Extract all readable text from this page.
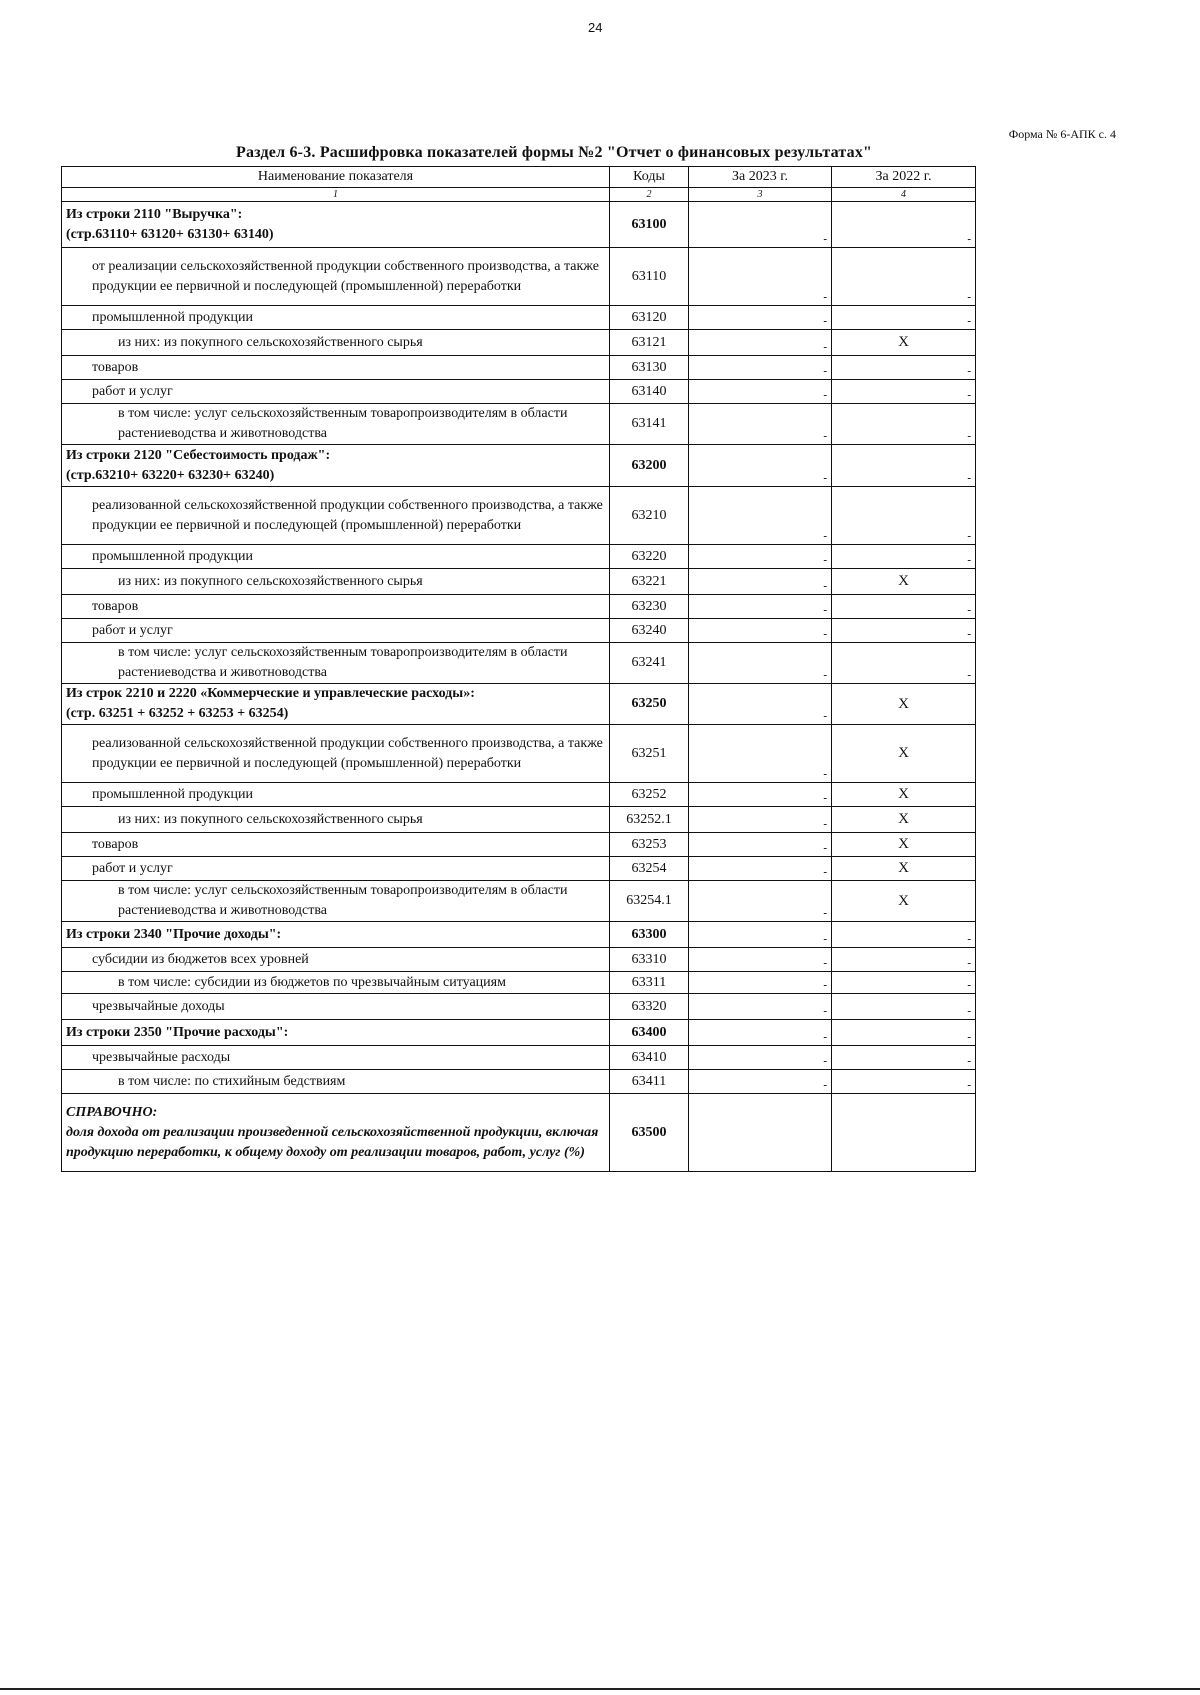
24
Форма № 6-АПК с. 4
Раздел 6-3. Расшифровка показателей формы №2 "Отчет о финансовых результатах"
Наименование показателя	Коды	За 2023 г.	За 2022 г.
1	2	3	4
Из строки 2110 "Выручка":
(стр.63110+ 63120+ 63130+ 63140)	63100	-	-

от реализации сельскохозяйственной продукции собственного производства, а также продукции ее первичной и последующей (промышленной) переработки	63110	-	-

промышленной продукции	63120	-	-

из них: из покупного сельскохозяйственного сырья	63121	-	X
товаров	63130	-	-

работ и услуг	63140	-	-

в том числе: услуг сельскохозяйственным товаропроизводителям в области растениеводства и животноводства	63141	-	-

Из строки 2120 "Себестоимость продаж":
(стр.63210+ 63220+ 63230+ 63240)	63200	-	-

реализованной сельскохозяйственной продукции собственного производства, а также продукции ее первичной и последующей (промышленной) переработки	63210	-	-

промышленной продукции	63220	-	-

из них: из покупного сельскохозяйственного сырья	63221	-	X
товаров	63230	-	-

работ и услуг	63240	-	-

в том числе: услуг сельскохозяйственным товаропроизводителям в области растениеводства и животноводства	63241	-	-

Из строк 2210 и 2220 «Коммерческие и управлеческие расходы»:
(стр. 63251 + 63252 + 63253 + 63254)	63250	-	X
реализованной сельскохозяйственной продукции собственного производства, а также продукции ее первичной и последующей (промышленной) переработки	63251	-	X
промышленной продукции	63252	-	X
из них: из покупного сельскохозяйственного сырья	63252.1	-	X
товаров	63253	-	X
работ и услуг	63254	-	X
в том числе: услуг сельскохозяйственным товаропроизводителям в области растениеводства и животноводства	63254.1	-	X
Из строки 2340 "Прочие доходы":	63300	-	-

субсидии из бюджетов всех уровней	63310	-	-

в том числе: субсидии из бюджетов по чрезвычайным ситуациям	63311	-	-

чрезвычайные доходы	63320	-	-

Из строки 2350 "Прочие расходы":	63400	-	-

чрезвычайные расходы	63410	-	-

в том числе: по стихийным бедствиям	63411	-	-

СПРАВОЧНО:
доля дохода от реализации произведенной сельскохозяйственной продукции, включая продукцию переработки, к общему доходу от реализации товаров, работ, услуг (%)	63500		
